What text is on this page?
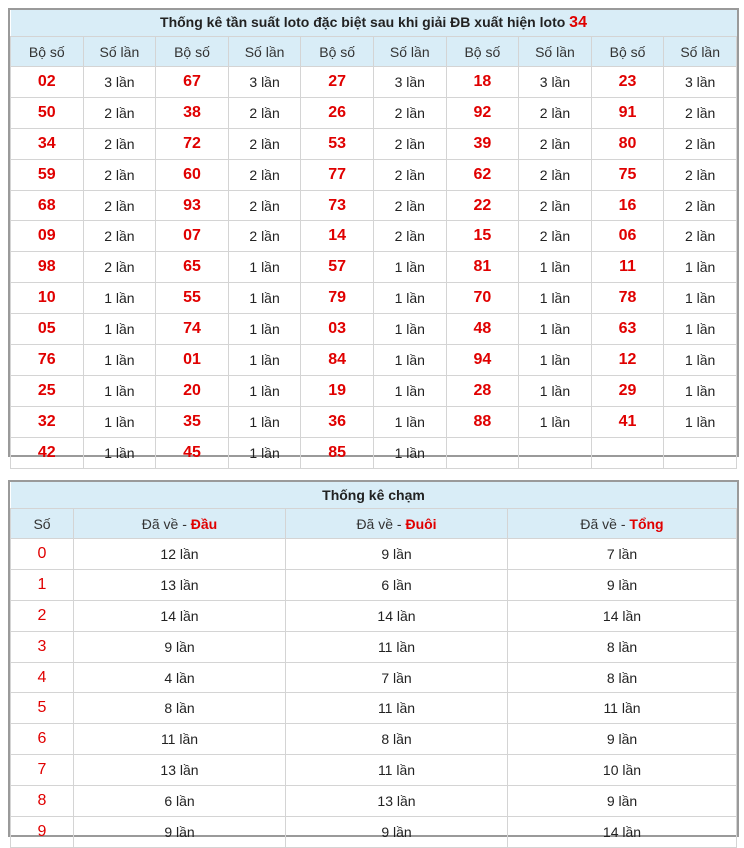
Thống kê tần suất loto đặc biệt sau khi giải ĐB xuất hiện loto 34									
Bộ số	Số lần	Bộ số	Số lần	Bộ số	Số lần	Bộ số	Số lần	Bộ số	Số lần
02	3 lần	67	3 lần	27	3 lần	18	3 lần	23	3 lần
50	2 lần	38	2 lần	26	2 lần	92	2 lần	91	2 lần
34	2 lần	72	2 lần	53	2 lần	39	2 lần	80	2 lần
59	2 lần	60	2 lần	77	2 lần	62	2 lần	75	2 lần
68	2 lần	93	2 lần	73	2 lần	22	2 lần	16	2 lần
09	2 lần	07	2 lần	14	2 lần	15	2 lần	06	2 lần
98	2 lần	65	1 lần	57	1 lần	81	1 lần	11	1 lần
10	1 lần	55	1 lần	79	1 lần	70	1 lần	78	1 lần
05	1 lần	74	1 lần	03	1 lần	48	1 lần	63	1 lần
76	1 lần	01	1 lần	84	1 lần	94	1 lần	12	1 lần
25	1 lần	20	1 lần	19	1 lần	28	1 lần	29	1 lần
32	1 lần	35	1 lần	36	1 lần	88	1 lần	41	1 lần
42	1 lần	45	1 lần	85	1 lần				
Thống kê chạm			
Số	Đã về - Đầu	Đã về - Đuôi	Đã về - Tổng
0	12 lần	9 lần	7 lần
1	13 lần	6 lần	9 lần
2	14 lần	14 lần	14 lần
3	9 lần	11 lần	8 lần
4	4 lần	7 lần	8 lần
5	8 lần	11 lần	11 lần
6	11 lần	8 lần	9 lần
7	13 lần	11 lần	10 lần
8	6 lần	13 lần	9 lần
9	9 lần	9 lần	14 lần
